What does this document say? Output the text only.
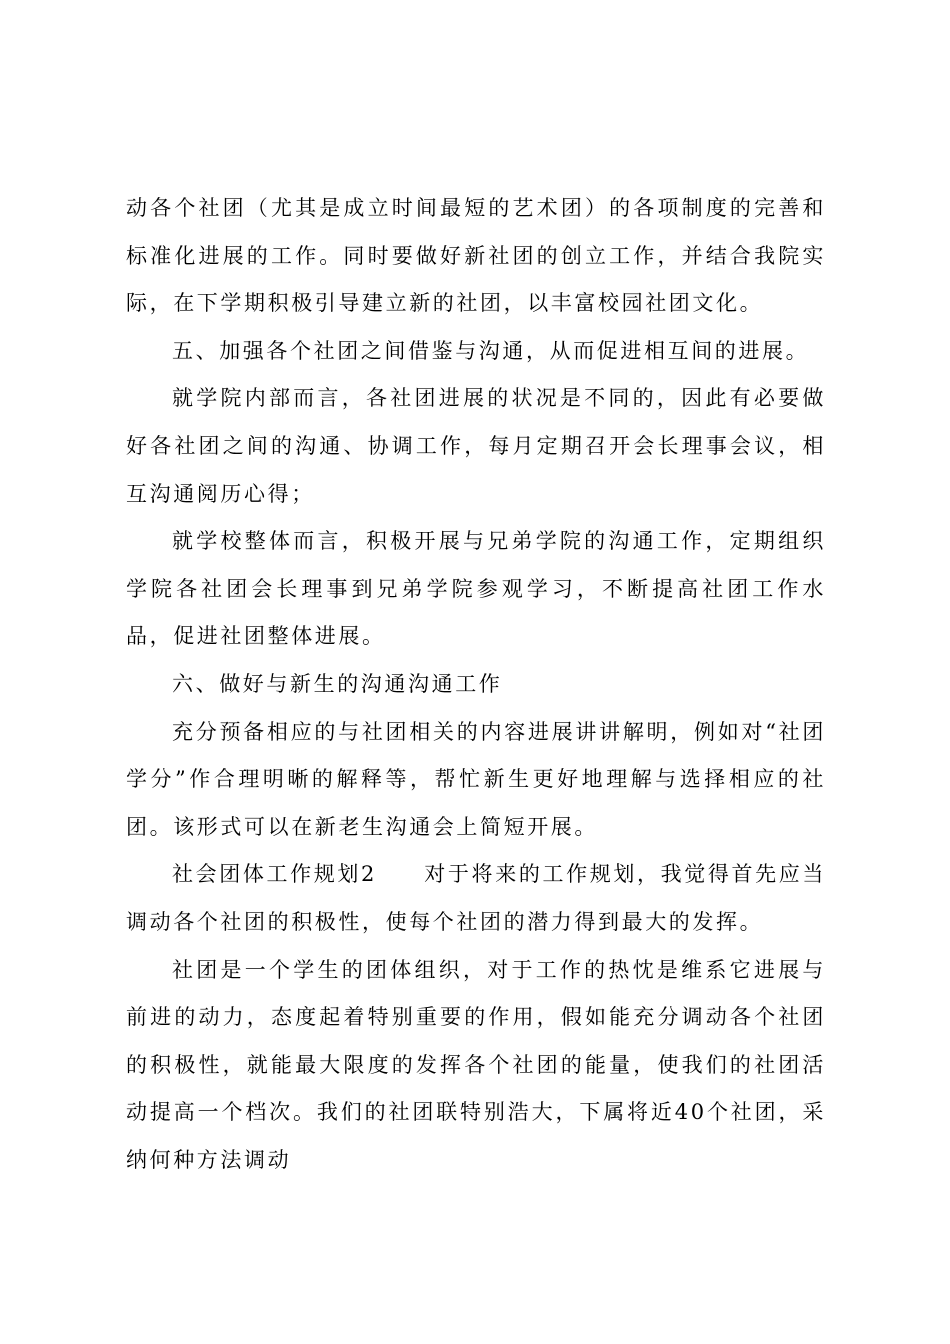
动各个社团（尤其是成立时间最短的艺术团）的各项制度的完善和标准化进展的工作。同时要做好新社团的创立工作，并结合我院实际，在下学期积极引导建立新的社团，以丰富校园社团文化。

五、加强各个社团之间借鉴与沟通，从而促进相互间的进展。

就学院内部而言，各社团进展的状况是不同的，因此有必要做好各社团之间的沟通、协调工作，每月定期召开会长理事会议，相互沟通阅历心得；

就学校整体而言，积极开展与兄弟学院的沟通工作，定期组织学院各社团会长理事到兄弟学院参观学习，不断提高社团工作水品，促进社团整体进展。

六、做好与新生的沟通沟通工作

充分预备相应的与社团相关的内容进展讲讲解明，例如对“社团学分”作合理明晰的解释等，帮忙新生更好地理解与选择相应的社团。该形式可以在新老生沟通会上简短开展。

社会团体工作规划2　　对于将来的工作规划，我觉得首先应当调动各个社团的积极性，使每个社团的潜力得到最大的发挥。

社团是一个学生的团体组织，对于工作的热忱是维系它进展与前进的动力，态度起着特别重要的作用，假如能充分调动各个社团的积极性，就能最大限度的发挥各个社团的能量，使我们的社团活动提高一个档次。我们的社团联特别浩大，下属将近40个社团，采纳何种方法调动
